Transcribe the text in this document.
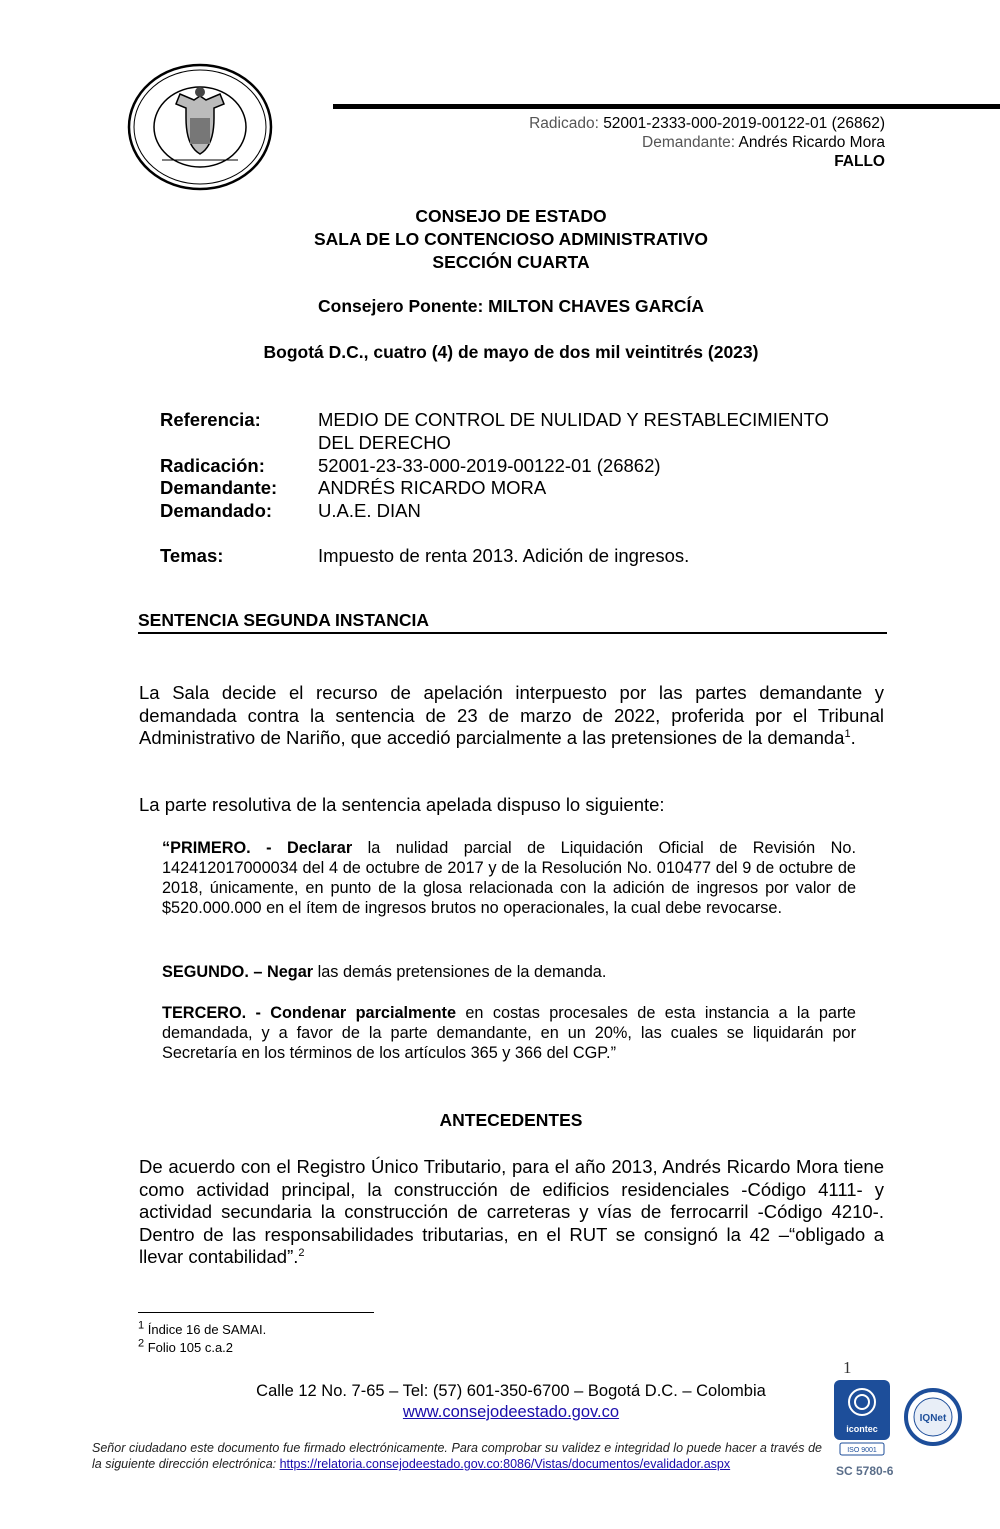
Radicado: 52001-2333-000-2019-00122-01 (26862)
Demandante: Andrés Ricardo Mora
FALLO
CONSEJO DE ESTADO
SALA DE LO CONTENCIOSO ADMINISTRATIVO
SECCIÓN CUARTA
Consejero Ponente: MILTON CHAVES GARCÍA
Bogotá D.C., cuatro (4) de mayo de dos mil veintitrés (2023)
Referencia:	MEDIO DE CONTROL DE NULIDAD Y RESTABLECIMIENTO
DEL DERECHO
Radicación:	52001-23-33-000-2019-00122-01 (26862)
Demandante: ANDRÉS RICARDO MORA
Demandado: U.A.E. DIAN
Temas:	Impuesto de renta 2013. Adición de ingresos.
SENTENCIA SEGUNDA INSTANCIA
La Sala decide el recurso de apelación interpuesto por las partes demandante y demandada contra la sentencia de 23 de marzo de 2022, proferida por el Tribunal Administrativo de Nariño, que accedió parcialmente a las pretensiones de la demanda$^1$.
La parte resolutiva de la sentencia apelada dispuso lo siguiente:
“PRIMERO. - Declarar la nulidad parcial de Liquidación Oficial de Revisión No. 142412017000034 del 4 de octubre de 2017 y de la Resolución No. 010477 del 9 de octubre de 2018, únicamente, en punto de la glosa relacionada con la adición de ingresos por valor de $520.000.000 en el ítem de ingresos brutos no operacionales, la cual debe revocarse.
SEGUNDO. – Negar las demás pretensiones de la demanda.
TERCERO. - Condenar parcialmente en costas procesales de esta instancia a la parte demandada, y a favor de la parte demandante, en un 20%, las cuales se liquidarán por Secretaría en los términos de los artículos 365 y 366 del CGP.”
ANTECEDENTES
De acuerdo con el Registro Único Tributario, para el año 2013, Andrés Ricardo Mora tiene como actividad principal, la construcción de edificios residenciales -Código 4111- y actividad secundaria la construcción de carreteras y vías de ferrocarril -Código 4210-. Dentro de las responsabilidades tributarias, en el RUT se consignó la 42 –“obligado a llevar contabilidad”.$^2$
$^1$ Índice 16 de SAMAI.
$^2$ Folio 105 c.a.2
1
Calle 12 No. 7-65 – Tel: (57) 601-350-6700 – Bogotá D.C. – Colombia
www.consejodeestado.gov.co
Señor ciudadano este documento fue firmado electrónicamente. Para comprobar su validez e integridad lo puede hacer a través de la siguiente dirección electrónica: https://relatoria.consejodeestado.gov.co:8086/Vistas/documentos/evalidador.aspx
icontec
ISO 9001
IQNet
SC 5780-6
